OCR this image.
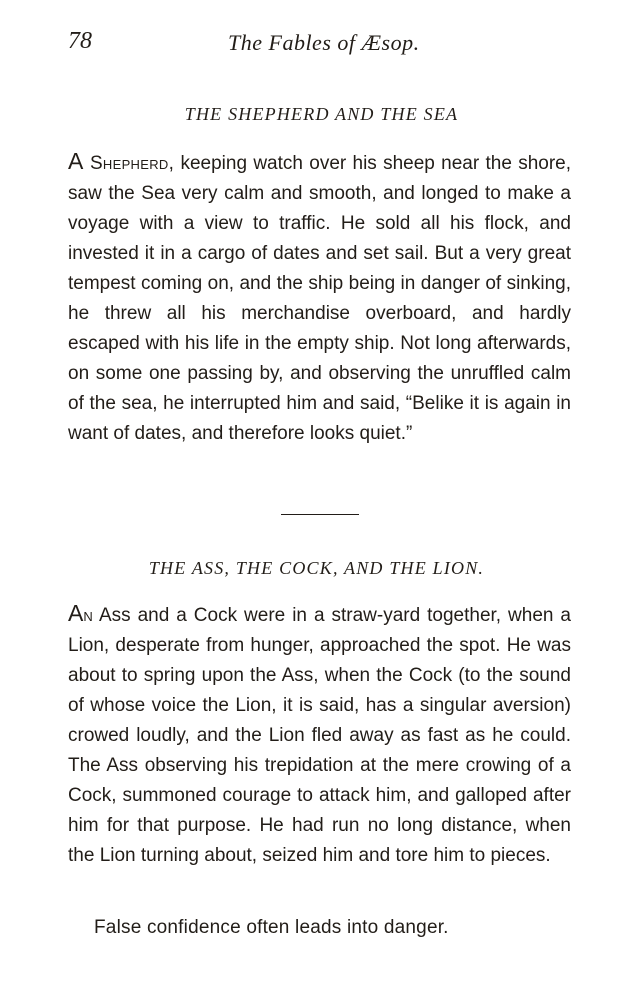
78	The Fables of Æsop.
THE SHEPHERD AND THE SEA

A Shepherd, keeping watch over his sheep near the shore, saw the Sea very calm and smooth, and longed to make a voyage with a view to traffic. He sold all his flock, and invested it in a cargo of dates and set sail. But a very great tempest coming on, and the ship being in danger of sinking, he threw all his merchandise overboard, and hardly escaped with his life in the empty ship. Not long afterwards, on some one passing by, and observing the unruffled calm of the sea, he interrupted him and said, “Belike it is again in want of dates, and therefore looks quiet.”

THE ASS, THE COCK, AND THE LION.

An Ass and a Cock were in a straw-yard together, when a Lion, desperate from hunger, approached the spot. He was about to spring upon the Ass, when the Cock (to the sound of whose voice the Lion, it is said, has a singular aversion) crowed loudly, and the Lion fled away as fast as he could. The Ass observing his trepidation at the mere crowing of a Cock, summoned courage to attack him, and galloped after him for that purpose. He had run no long distance, when the Lion turning about, seized him and tore him to pieces.

False confidence often leads into danger.
